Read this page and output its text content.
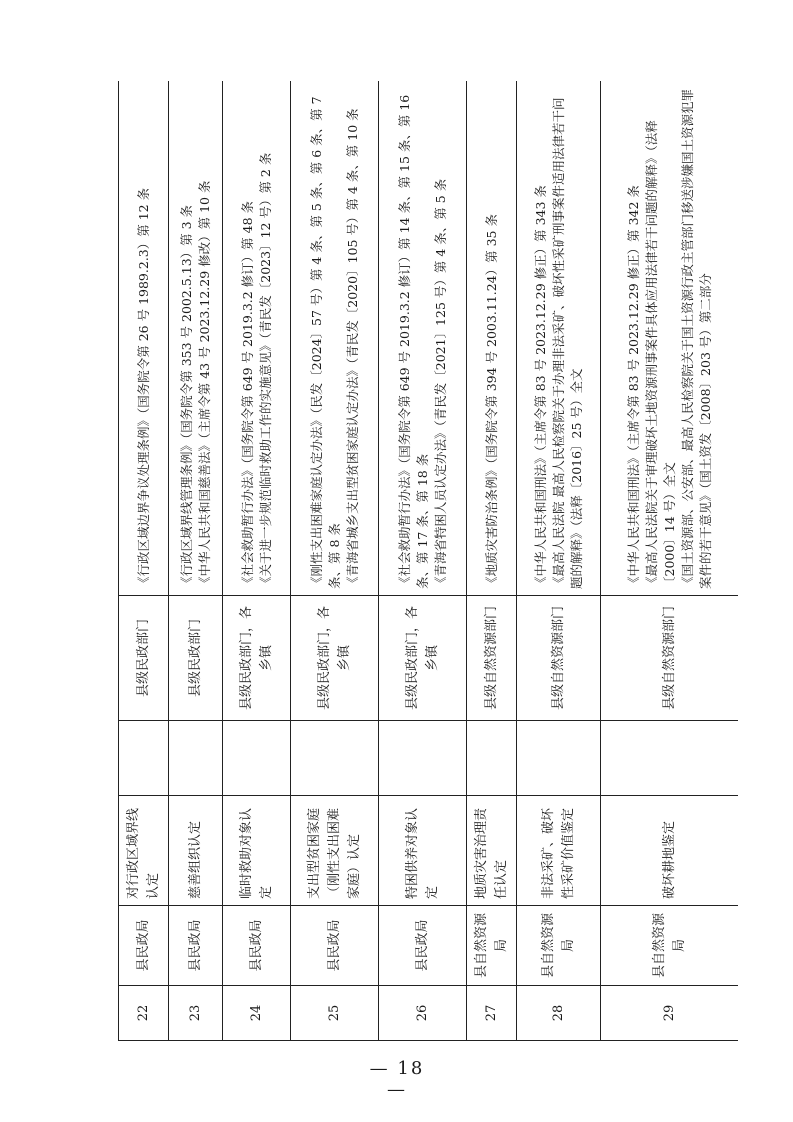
22	县民政局	对行政区域界线认定		县级民政部门	《行政区域边界争议处理条例》（国务院令第 26 号 1989.2.3）第 12 条

23	县民政局	慈善组织认定		县级民政部门	《行政区域界线管理条例》（国务院令第 353 号 2002.5.13）第 3 条 《中华人民共和国慈善法》（主席令第 43 号 2023.12.29 修改）第 10 条

24	县民政局	临时救助对象认定		县级民政部门，各乡镇	《社会救助暂行办法》（国务院令第 649 号 2019.3.2 修订）第 48 条 《关于进一步规范临时救助工作的实施意见》（青民发〔2023〕12 号）第 2 条

25	县民政局	支出型贫困家庭（刚性支出困难家庭）认定		县级民政部门，各乡镇	《刚性支出困难家庭认定办法》（民发〔2024〕57 号）第 4 条、第 5 条、第 6 条、第 7 条、第 8 条 《青海省城乡支出型贫困家庭认定办法》（青民发〔2020〕105 号）第 4 条、第 10 条

26	县民政局	特困供养对象认定		县级民政部门，各乡镇	《社会救助暂行办法》（国务院令第 649 号 2019.3.2 修订）第 14 条、第 15 条、第 16 条、第 17 条、第 18 条 《青海省特困人员认定办法》（青民发〔2021〕125 号）第 4 条、第 5 条

27	县自然资源局	地质灾害治理责任认定		县级自然资源部门	《地质灾害防治条例》（国务院令第 394 号 2003.11.24）第 35 条

28	县自然资源局	非法采矿、破坏性采矿价值鉴定		县级自然资源部门	《中华人民共和国刑法》（主席令第 83 号 2023.12.29 修正）第 343 条 《最高人民法院 最高人民检察院关于办理非法采矿、破坏性采矿刑事案件适用法律若干问题的解释》（法释〔2016〕25 号）全文

29	县自然资源局	破坏耕地鉴定		县级自然资源部门	《中华人民共和国刑法》（主席令第 83 号 2023.12.29 修正）第 342 条 《最高人民法院关于审理破坏土地资源刑事案件具体应用法律若干问题的解释》（法释〔2000〕14 号）全文 《国土资源部、公安部、最高人民检察院关于国土资源行政主管部门移送涉嫌国土资源犯罪案件的若干意见》（国土资发〔2008〕203 号）第二部分
— 18 —
